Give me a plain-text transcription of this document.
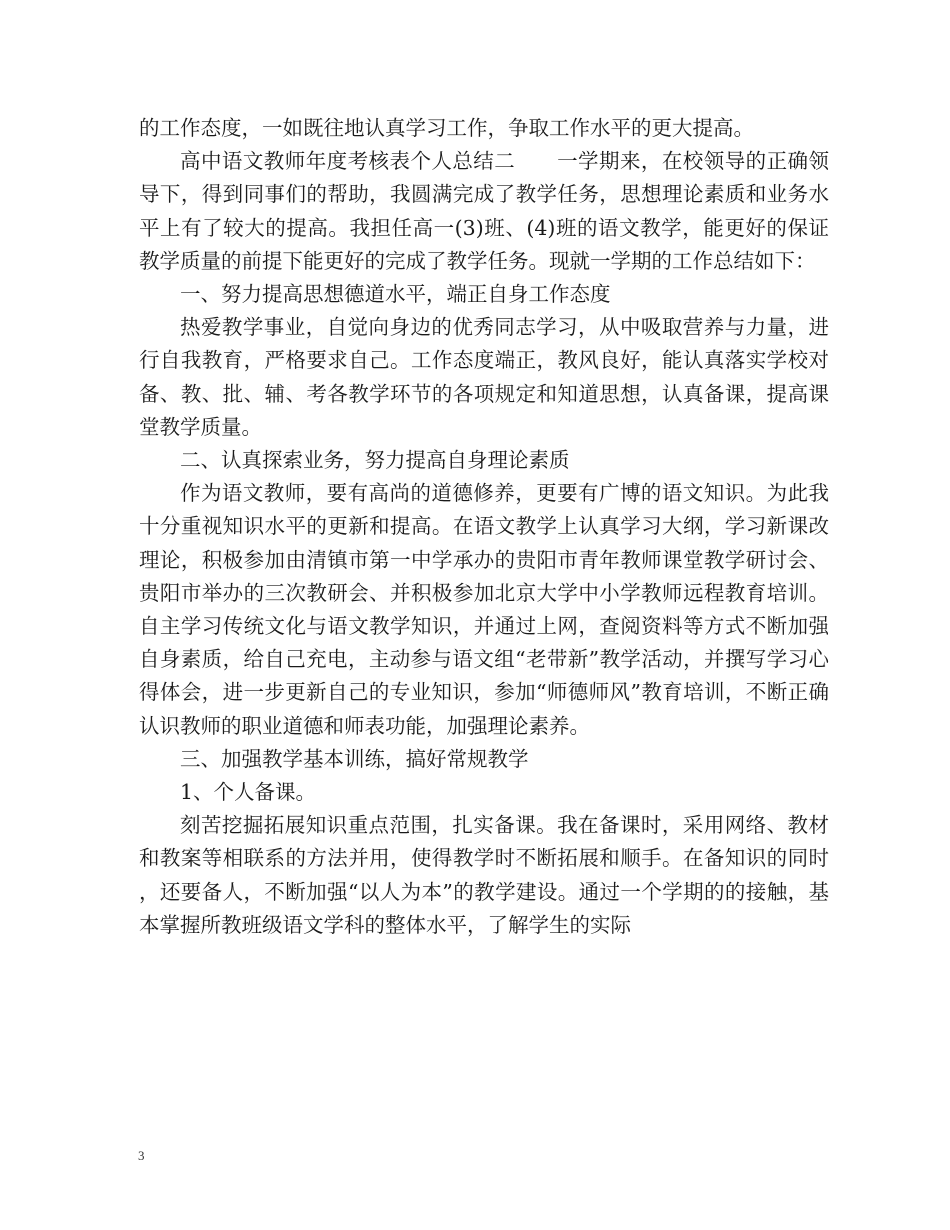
的工作态度，一如既往地认真学习工作，争取工作水平的更大提高。

高中语文教师年度考核表个人总结二　　一学期来，在校领导的正确领导下，得到同事们的帮助，我圆满完成了教学任务，思想理论素质和业务水平上有了较大的提高。我担任高一(3)班、(4)班的语文教学，能更好的保证教学质量的前提下能更好的完成了教学任务。现就一学期的工作总结如下：

一、努力提高思想德道水平，端正自身工作态度

热爱教学事业，自觉向身边的优秀同志学习，从中吸取营养与力量，进行自我教育，严格要求自己。工作态度端正，教风良好，能认真落实学校对备、教、批、辅、考各教学环节的各项规定和知道思想，认真备课，提高课堂教学质量。

二、认真探索业务，努力提高自身理论素质

作为语文教师，要有高尚的道德修养，更要有广博的语文知识。为此我十分重视知识水平的更新和提高。在语文教学上认真学习大纲，学习新课改理论，积极参加由清镇市第一中学承办的贵阳市青年教师课堂教学研讨会、贵阳市举办的三次教研会、并积极参加北京大学中小学教师远程教育培训。自主学习传统文化与语文教学知识，并通过上网，查阅资料等方式不断加强自身素质，给自己充电，主动参与语文组“老带新”教学活动，并撰写学习心得体会，进一步更新自己的专业知识，参加“师德师风”教育培训，不断正确认识教师的职业道德和师表功能，加强理论素养。

三、加强教学基本训练，搞好常规教学

1、个人备课。

刻苦挖掘拓展知识重点范围，扎实备课。我在备课时，采用网络、教材和教案等相联系的方法并用，使得教学时不断拓展和顺手。在备知识的同时，还要备人，不断加强“以人为本”的教学建设。通过一个学期的的接触，基本掌握所教班级语文学科的整体水平，了解学生的实际

3
